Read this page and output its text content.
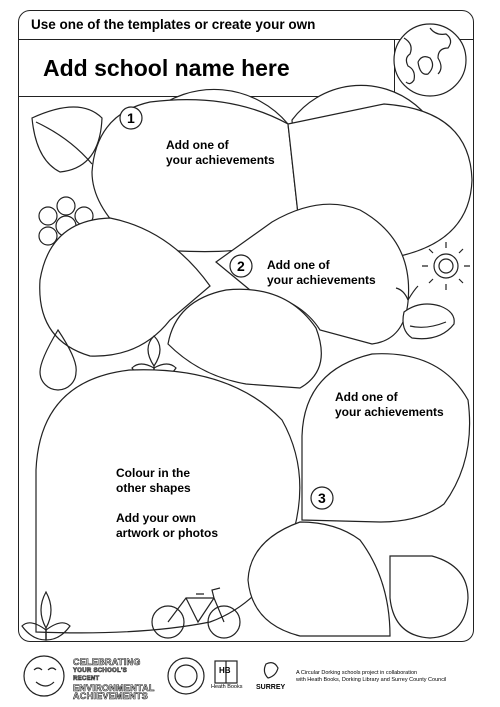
Use one of the templates or create your own
Add school name here
1
2
3
Add one of
your achievements
Add one of
your achievements
Add one of
your achievements
Colour in the
other shapes
Add your own
artwork or photos
CELEBRATING
YOUR SCHOOL'S RECENT
ENVIRONMENTAL
ACHIEVEMENTS
HB
Heath Books SURREY
A Circular Dorking schools project in collaboration
with Heath Books, Dorking Library and Surrey County Council
